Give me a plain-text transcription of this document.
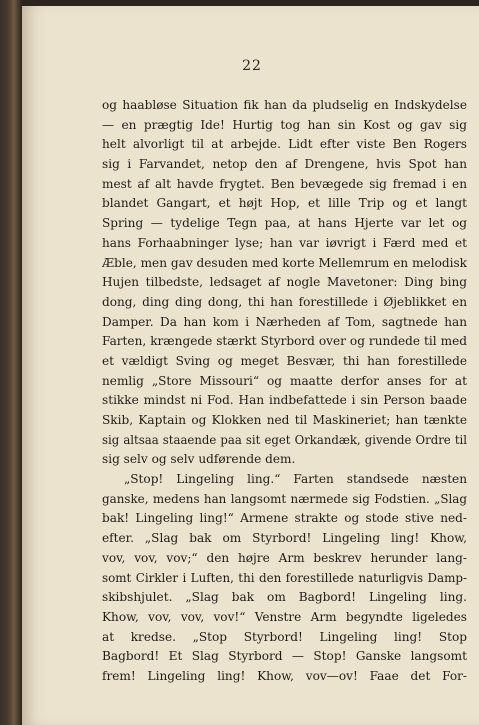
22
og haabløse Situation fik han da pludselig en Indskydelse
— en prægtig Ide! Hurtig tog han sin Kost og gav sig
helt alvorligt til at arbejde. Lidt efter viste Ben Rogers
sig i Farvandet, netop den af Drengene, hvis Spot han
mest af alt havde frygtet. Ben bevægede sig fremad i en
blandet Gangart, et højt Hop, et lille Trip og et langt
Spring — tydelige Tegn paa, at hans Hjerte var let og
hans Forhaabninger lyse; han var iøvrigt i Færd med et
Æble, men gav desuden med korte Mellemrum en melodisk
Hujen tilbedste, ledsaget af nogle Mavetoner: Ding bing
dong, ding ding dong, thi han forestillede i Øjeblikket en
Damper. Da han kom i Nærheden af Tom, sagtnede han
Farten, krængede stærkt Styrbord over og rundede til med
et vældigt Sving og meget Besvær, thi han forestillede
nemlig „Store Missouri“ og maatte derfor anses for at
stikke mindst ni Fod. Han indbefattede i sin Person baade
Skib, Kaptain og Klokken ned til Maskineriet; han tænkte
sig altsaa staaende paa sit eget Orkandæk, givende Ordre til
sig selv og selv udførende dem.
„Stop! Lingeling ling.“ Farten standsede næsten
ganske, medens han langsomt nærmede sig Fodstien. „Slag
bak! Lingeling ling!“ Armene strakte og stode stive ned-
efter. „Slag bak om Styrbord! Lingeling ling! Khow,
vov, vov, vov;“ den højre Arm beskrev herunder lang-
somt Cirkler i Luften, thi den forestillede naturligvis Damp-
skibshjulet. „Slag bak om Bagbord! Lingeling ling.
Khow, vov, vov, vov!“ Venstre Arm begyndte ligeledes
at kredse. „Stop Styrbord! Lingeling ling! Stop
Bagbord! Et Slag Styrbord — Stop! Ganske langsomt
frem! Lingeling ling! Khow, vov—ov! Faae det For-
